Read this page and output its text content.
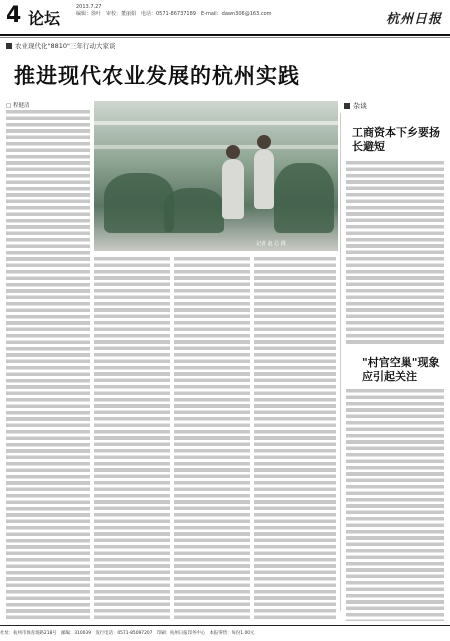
4 论坛
2013.7.27
编辑：徐叶　审校：董丽娟　电话：0571-86737189　E-mail：dawn306@163.com	杭州日报
农业现代化"8810"三年行动大家谈
推进现代农业发展的杭州实践
□ 程健清
记者 赵 芯 摄
杂谈
工商资本下乡要扬长避短
"村官空巢"现象应引起关注
社址：杭州市体育场路218号　邮编：310039　发行电话：0571-85097207　印刷：杭州日报印务中心　本报零售：每份1.00元
